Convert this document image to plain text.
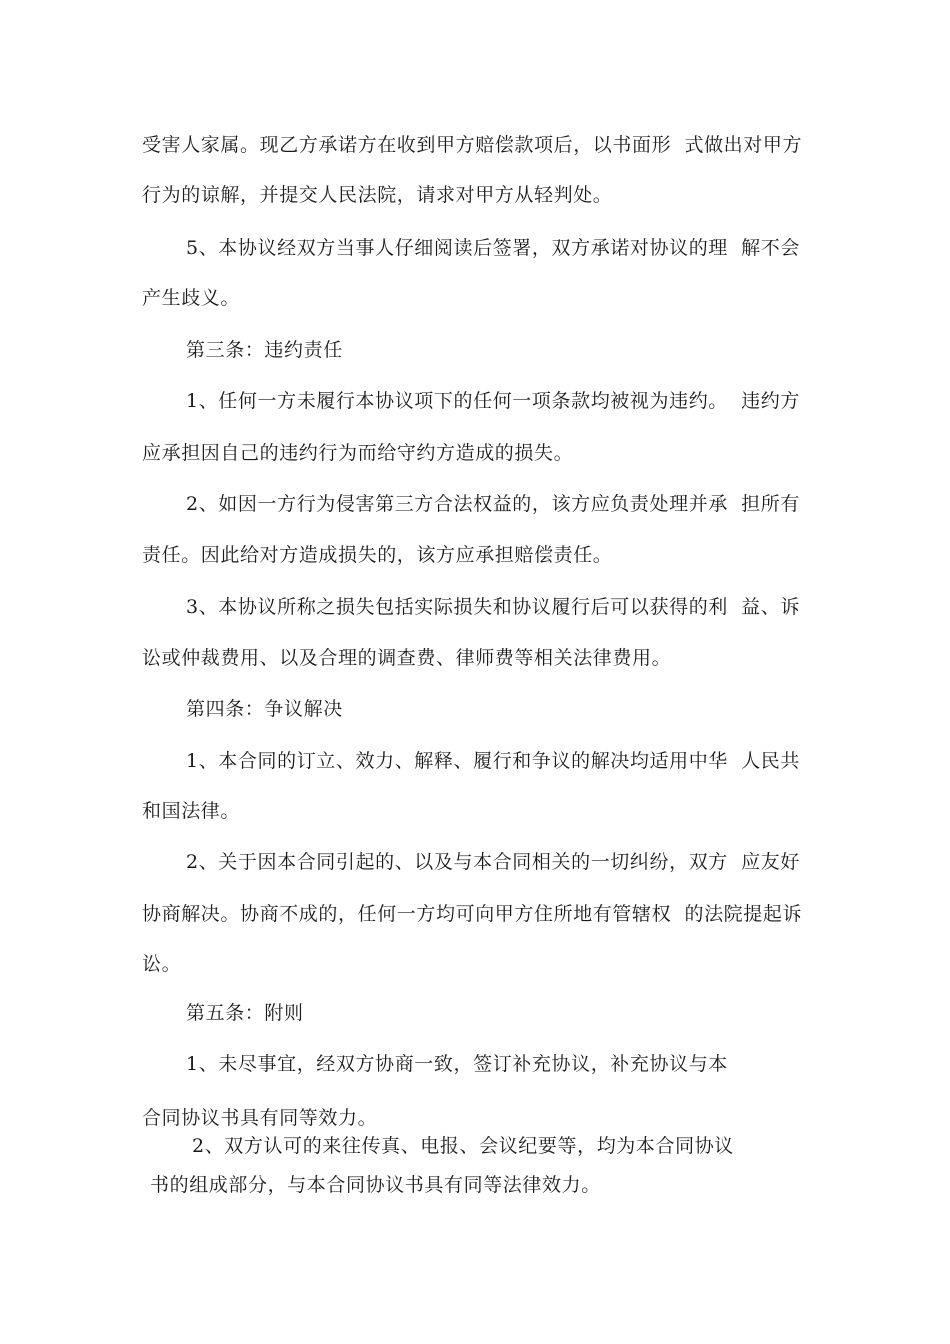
受害人家属。现乙方承诺方在收到甲方赔偿款项后，以书面形  式做出对甲方
行为的谅解，并提交人民法院，请求对甲方从轻判处。
5、本协议经双方当事人仔细阅读后签署，双方承诺对协议的理  解不会
产生歧义。
第三条：违约责任
1、任何一方未履行本协议项下的任何一项条款均被视为违约。  违约方
应承担因自己的违约行为而给守约方造成的损失。
2、如因一方行为侵害第三方合法权益的，该方应负责处理并承  担所有
责任。因此给对方造成损失的，该方应承担赔偿责任。
3、本协议所称之损失包括实际损失和协议履行后可以获得的利  益、诉
讼或仲裁费用、以及合理的调查费、律师费等相关法律费用。
第四条：争议解决
1、本合同的订立、效力、解释、履行和争议的解决均适用中华  人民共
和国法律。
2、关于因本合同引起的、以及与本合同相关的一切纠纷，双方  应友好
协商解决。协商不成的，任何一方均可向甲方住所地有管辖权  的法院提起诉
讼。
第五条：附则
1、未尽事宜，经双方协商一致，签订补充协议，补充协议与本
合同协议书具有同等效力。
2、双方认可的来往传真、电报、会议纪要等，均为本合同协议
书的组成部分，与本合同协议书具有同等法律效力。
